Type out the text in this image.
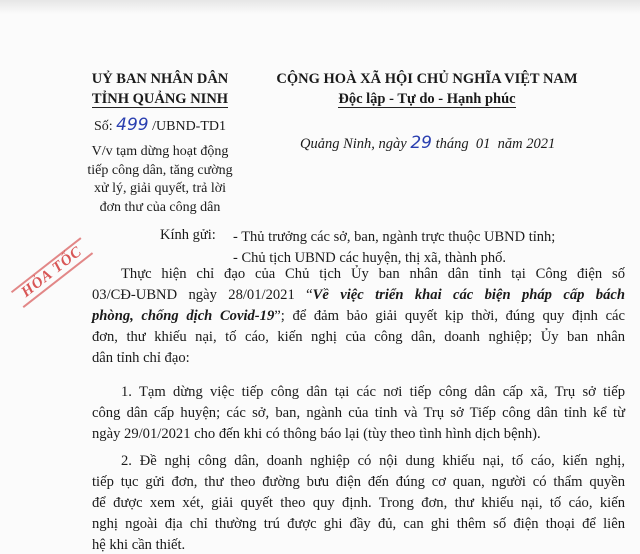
UỶ BAN NHÂN DÂN
TỈNH QUẢNG NINH
Số: 499 /UBND-TD1
V/v tạm dừng hoạt động
tiếp công dân, tăng cường
xử lý, giải quyết, trả lời
đơn thư của công dân
CỘNG HOÀ XÃ HỘI CHỦ NGHĨA VIỆT NAM
Độc lập - Tự do - Hạnh phúc
Quảng Ninh, ngày 29 tháng  01  năm 2021
HỎA TỐC
Kính gửi: - Thủ trưởng các sở, ban, ngành trực thuộc UBND tỉnh;
- Chủ tịch UBND các huyện, thị xã, thành phố.
Thực hiện chỉ đạo của Chủ tịch Ủy ban nhân dân tỉnh tại Công điện số
03/CĐ-UBND ngày 28/01/2021 “Về việc triển khai các biện pháp cấp bách
phòng, chống dịch Covid-19”; để đảm bảo giải quyết kịp thời, đúng quy định các
đơn, thư khiếu nại, tố cáo, kiến nghị của công dân, doanh nghiệp; Ủy ban nhân
dân tỉnh chỉ đạo:
1. Tạm dừng việc tiếp công dân tại các nơi tiếp công dân cấp xã, Trụ sở tiếp
công dân cấp huyện; các sở, ban, ngành của tỉnh và Trụ sở Tiếp công dân tỉnh kể từ
ngày 29/01/2021 cho đến khi có thông báo lại (tùy theo tình hình dịch bệnh).
2. Đề nghị công dân, doanh nghiệp có nội dung khiếu nại, tố cáo, kiến nghị,
tiếp tục gửi đơn, thư theo đường bưu điện đến đúng cơ quan, người có thẩm quyền
để được xem xét, giải quyết theo quy định. Trong đơn, thư khiếu nại, tố cáo, kiến
nghị ngoài địa chỉ thường trú được ghi đầy đủ, can ghi thêm số điện thoại để liên
hệ khi cần thiết.
